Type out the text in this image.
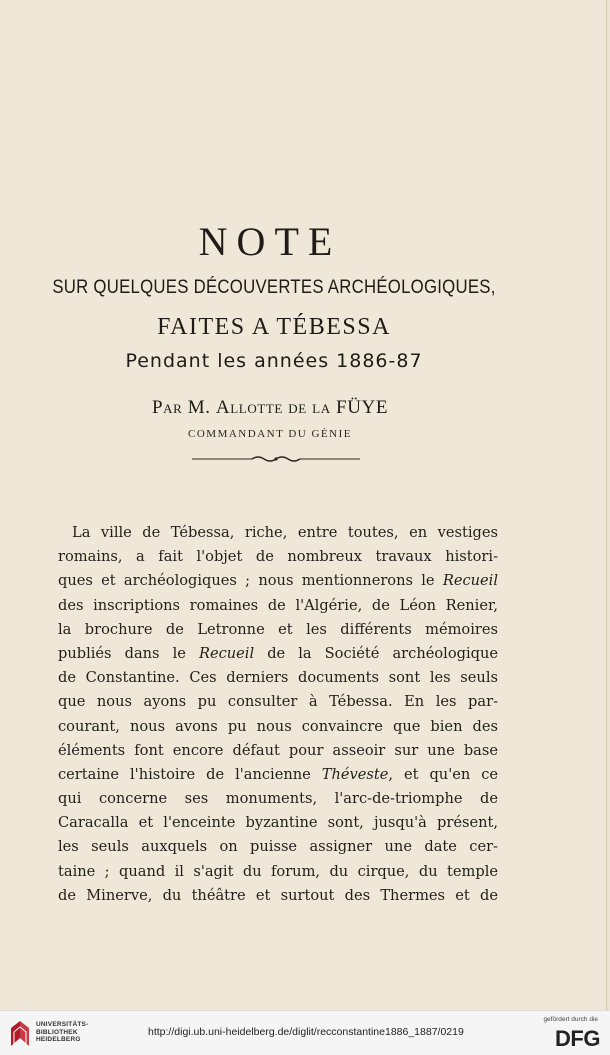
NOTE
SUR QUELQUES DÉCOUVERTES ARCHÉOLOGIQUES,
FAITES A TÉBESSA
Pendant les années 1886-87
Par M. Allotte de la FÜYE
COMMANDANT DU GÉNIE
La ville de Tébessa, riche, entre toutes, en vestiges
romains, a fait l'objet de nombreux travaux histori-
ques et archéologiques ; nous mentionnerons le Recueil
des inscriptions romaines de l'Algérie, de Léon Renier,
la brochure de Letronne et les différents mémoires
publiés dans le Recueil de la Société archéologique
de Constantine. Ces derniers documents sont les seuls
que nous ayons pu consulter à Tébessa. En les par-
courant, nous avons pu nous convaincre que bien des
éléments font encore défaut pour asseoir sur une base
certaine l'histoire de l'ancienne Théveste, et qu'en ce
qui concerne ses monuments, l'arc-de-triomphe de
Caracalla et l'enceinte byzantine sont, jusqu'à présent,
les seuls auxquels on puisse assigner une date cer-
taine ; quand il s'agit du forum, du cirque, du temple
de Minerve, du théâtre et surtout des Thermes et de
UNIVERSITÄTS-
BIBLIOTHEK
HEIDELBERG
http://digi.ub.uni-heidelberg.de/diglit/recconstantine1886_1887/0219
gefördert durch die
DFG
